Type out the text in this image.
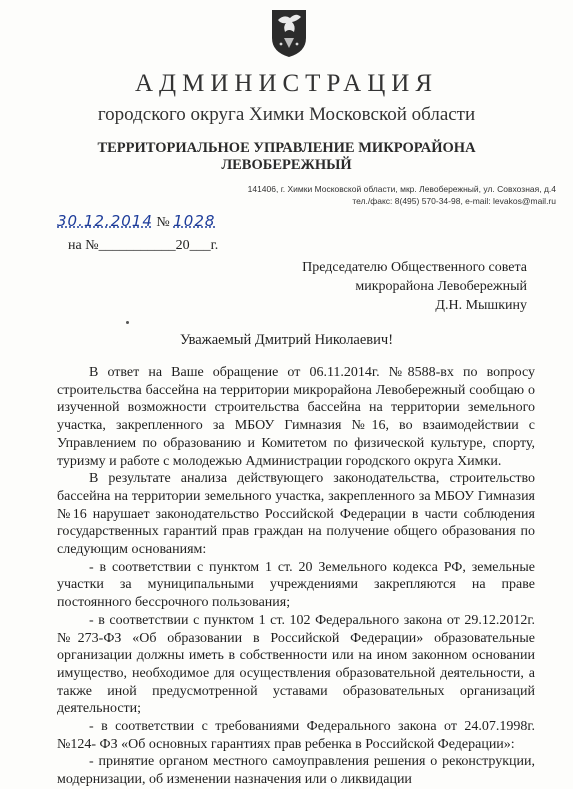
АДМИНИСТРАЦИЯ
городского округа Химки Московской области
ТЕРРИТОРИАЛЬНОЕ УПРАВЛЕНИЕ МИКРОРАЙОНА
ЛЕВОБЕРЕЖНЫЙ
141406, г. Химки Московской области, мкр. Левобережный, ул. Совхозная, д.4
тел./факс: 8(495) 570-34-98, e-mail: levakos@mail.ru
30.12.2014 № 1028
на №___________20___г.
Председателю Общественного совета
микрорайона Левобережный
Д.Н. Мышкину
Уважаемый Дмитрий Николаевич!

В ответ на Ваше обращение от 06.11.2014г. №8588-вх по вопросу строительства бассейна на территории микрорайона Левобережный сообщаю о изученной возможности строительства бассейна на территории земельного участка, закрепленного за МБОУ Гимназия №16, во взаимодействии с Управлением по образованию и Комитетом по физической культуре, спорту, туризму и работе с молодежью Администрации городского округа Химки.

В результате анализа действующего законодательства, строительство бассейна на территории земельного участка, закрепленного за МБОУ Гимназия №16 нарушает законодательство Российской Федерации в части соблюдения государственных гарантий прав граждан на получение общего образования по следующим основаниям:

- в соответствии с пунктом 1 ст. 20 Земельного кодекса РФ, земельные участки за муниципальными учреждениями закрепляются на праве постоянного бессрочного пользования;

- в соответствии с пунктом 1 ст. 102 Федерального закона от 29.12.2012г. №273-ФЗ «Об образовании в Российской Федерации» образовательные организации должны иметь в собственности или на ином законном основании имущество, необходимое для осуществления образовательной деятельности, а также иной предусмотренной уставами образовательных организаций деятельности;

- в соответствии с требованиями Федерального закона от 24.07.1998г. №124- ФЗ «Об основных гарантиях прав ребенка в Российской Федерации»:

- принятие органом местного самоуправления решения о реконструкции, модернизации, об изменении назначения или о ликвидации
